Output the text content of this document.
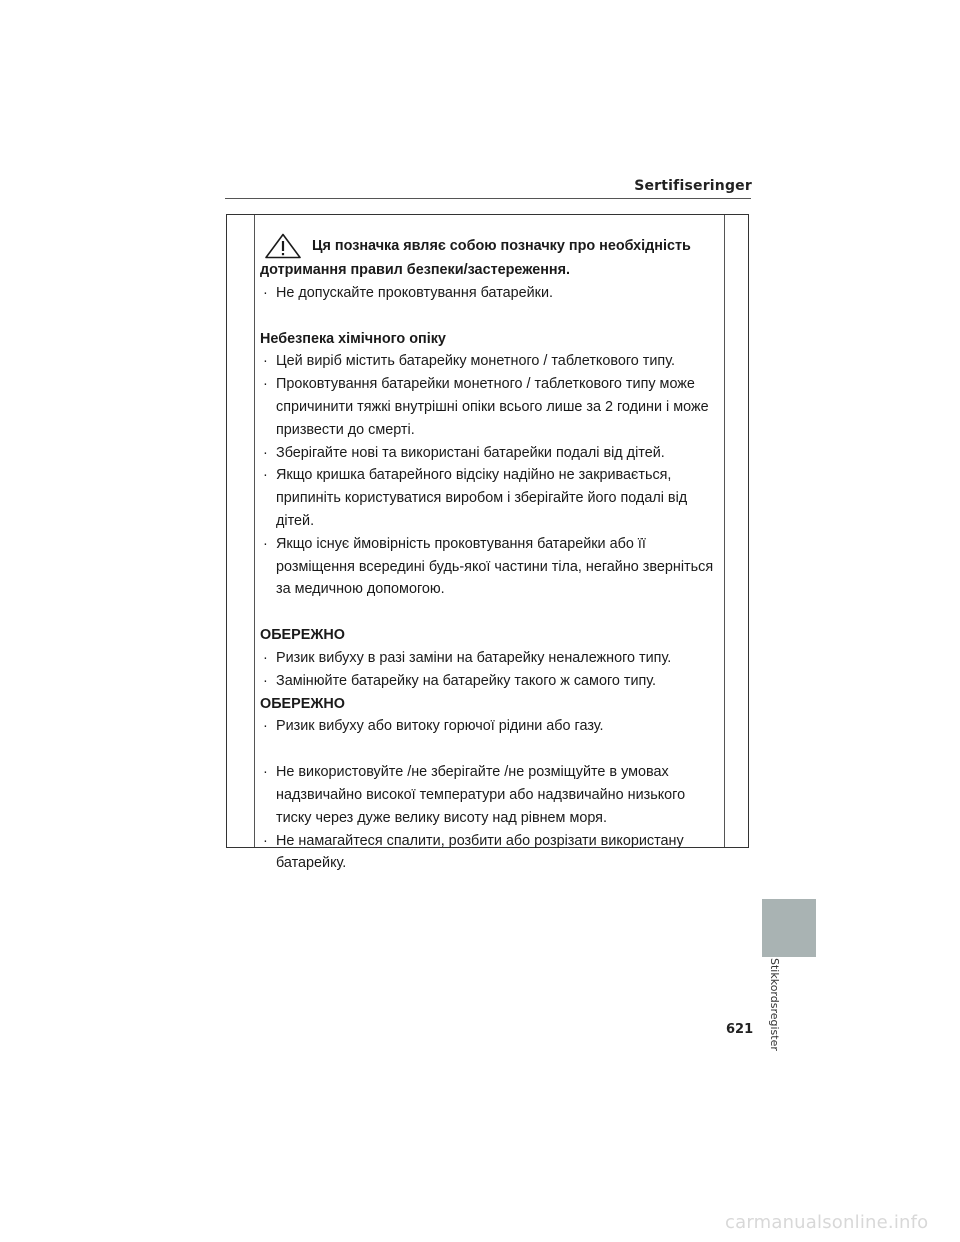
Sertifiseringer
Ця позначка являє собою позначку про необхідність
дотримання правил безпеки/застереження.

· Не допускайте проковтування батарейки.

Небезпека хімічного опіку

· Цей виріб містить батарейку монетного / таблеткового типу.

· Проковтування батарейки монетного / таблеткового типу може спричинити тяжкі внутрішні опіки всього лише за 2 години і може призвести до смерті.

· Зберігайте нові та використані батарейки подалі від дітей.

· Якщо кришка батарейного відсіку надійно не закривається, припиніть користуватися виробом і зберігайте його подалі від дітей.

· Якщо існує ймовірність проковтування батарейки або її розміщення всередині будь-якої частини тіла, негайно зверніться за медичною допомогою.

ОБЕРЕЖНО

· Ризик вибуху в разі заміни на батарейку неналежного типу.

· Замінюйте батарейку на батарейку такого ж самого типу.

ОБЕРЕЖНО

· Ризик вибуху або витоку горючої рідини або газу.

· Не використовуйте /не зберігайте /не розміщуйте в умовах надзвичайно високої температури або надзвичайно низького тиску через дуже велику висоту над рівнем моря.

· Не намагайтеся спалити, розбити або розрізати використану батарейку.

Stikkordsregister
621
carmanualsonline.info
